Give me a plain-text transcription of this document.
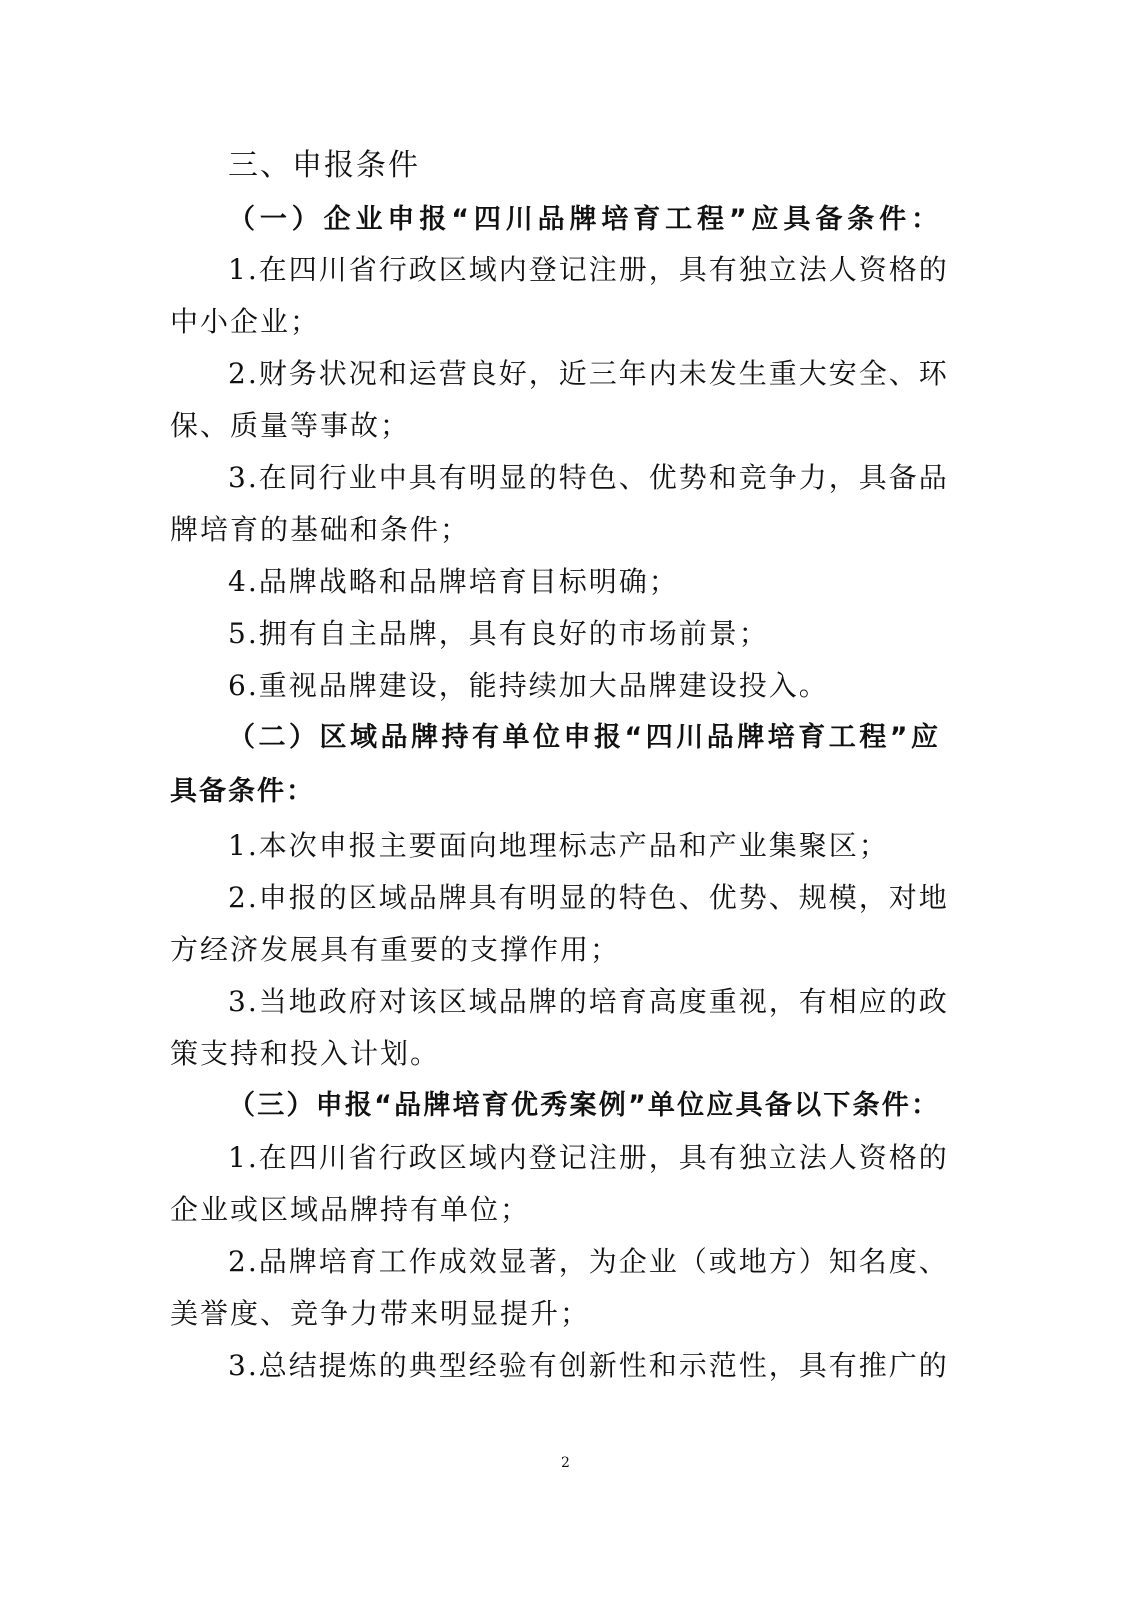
三、申报条件
（一）企业申报“四川品牌培育工程”应具备条件：
1.在四川省行政区域内登记注册，具有独立法人资格的
中小企业；
2.财务状况和运营良好，近三年内未发生重大安全、环
保、质量等事故；
3.在同行业中具有明显的特色、优势和竞争力，具备品
牌培育的基础和条件；
4.品牌战略和品牌培育目标明确；
5.拥有自主品牌，具有良好的市场前景；
6.重视品牌建设，能持续加大品牌建设投入。
（二）区域品牌持有单位申报“四川品牌培育工程”应
具备条件：
1.本次申报主要面向地理标志产品和产业集聚区；
2.申报的区域品牌具有明显的特色、优势、规模，对地
方经济发展具有重要的支撑作用；
3.当地政府对该区域品牌的培育高度重视，有相应的政
策支持和投入计划。
（三）申报“品牌培育优秀案例”单位应具备以下条件：
1.在四川省行政区域内登记注册，具有独立法人资格的
企业或区域品牌持有单位；
2.品牌培育工作成效显著，为企业（或地方）知名度、
美誉度、竞争力带来明显提升；
3.总结提炼的典型经验有创新性和示范性，具有推广的
2
